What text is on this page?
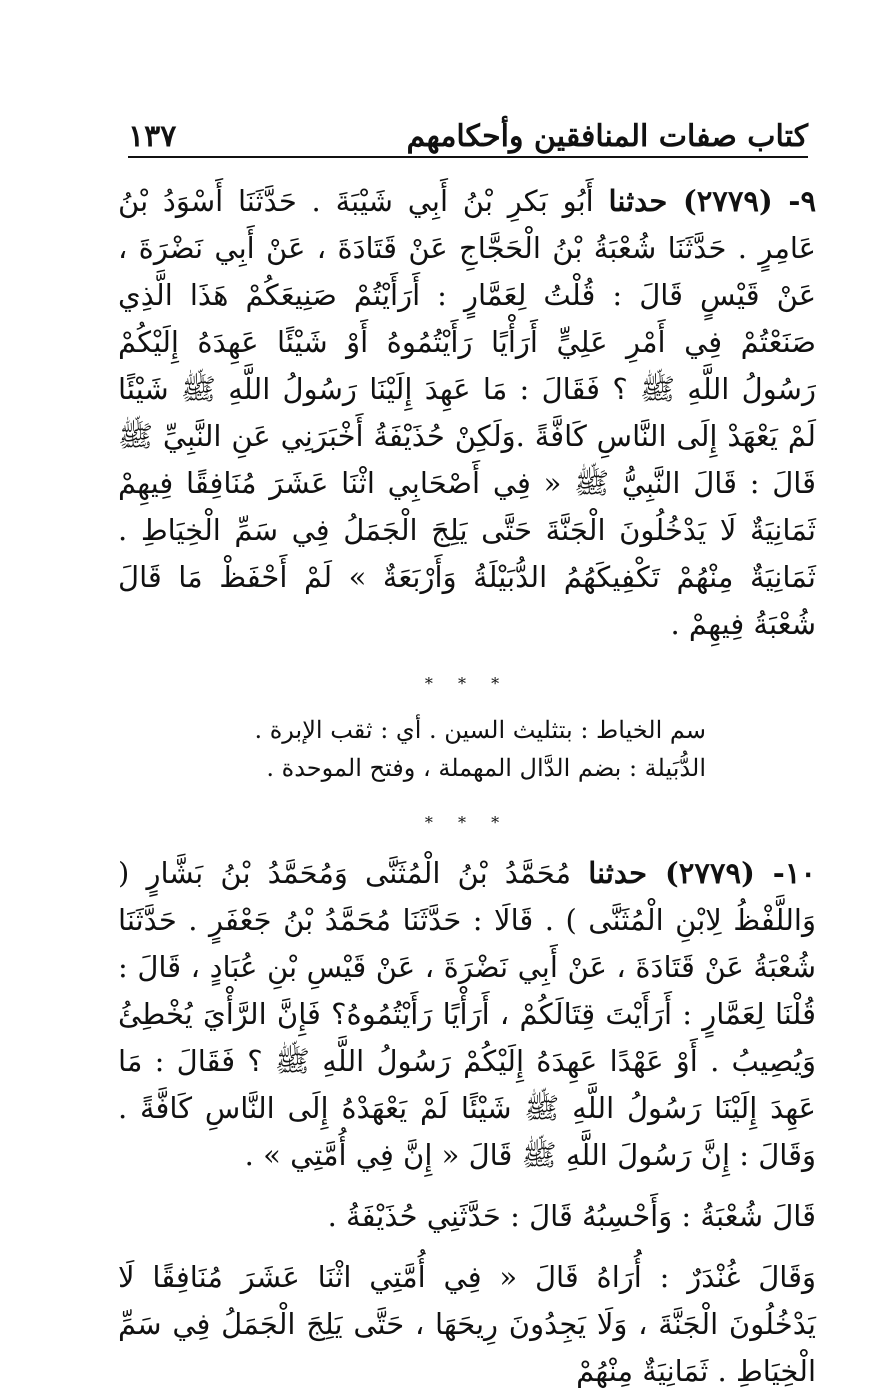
كتاب صفات المنافقين وأحكامهم
١٣٧

٩- (٢٧٧٩) حدثنا أَبُو بَكرِ بْنُ أَبِي شَيْبَةَ . حَدَّثَنَا أَسْوَدُ بْنُ عَامِرٍ . حَدَّثَنَا شُعْبَةُ بْنُ الْحَجَّاجِ عَنْ قَتَادَةَ ، عَنْ أَبِي نَضْرَةَ ، عَنْ قَيْسٍ قَالَ : قُلْتُ لِعَمَّارٍ : أَرَأَيْتُمْ صَنِيعَكُمْ هَذَا الَّذِي صَنَعْتُمْ فِي أَمْرِ عَلِيٍّ أَرَأْيًا رَأَيْتُمُوهُ أَوْ شَيْئًا عَهِدَهُ إِلَيْكُمْ رَسُولُ اللَّهِ ﷺ ؟ فَقَالَ : مَا عَهِدَ إِلَيْنَا رَسُولُ اللَّهِ ﷺ شَيْئًا لَمْ يَعْهَدْ إِلَى النَّاسِ كَافَّةً .وَلَكِنْ حُذَيْفَةُ أَخْبَرَنِي عَنِ النَّبِيِّ ﷺ قَالَ : قَالَ النَّبِيُّ ﷺ « فِي أَصْحَابِي اثْنَا عَشَرَ مُنَافِقًا فِيهِمْ ثَمَانِيَةٌ لَا يَدْخُلُونَ الْجَنَّةَ حَتَّى يَلِجَ الْجَمَلُ فِي سَمِّ الْخِيَاطِ . ثَمَانِيَةٌ مِنْهُمْ تَكْفِيكَهُمُ الدُّبَيْلَةُ وَأَرْبَعَةٌ » لَمْ أَحْفَظْ مَا قَالَ شُعْبَةُ فِيهِمْ .

* * *

سم الخياط : بتثليث السين . أي : ثقب الإبرة .

الدُّبَيلة : بضم الدَّال المهملة ، وفتح الموحدة .

* * *

١٠- (٢٧٧٩) حدثنا مُحَمَّدُ بْنُ الْمُثَنَّى وَمُحَمَّدُ بْنُ بَشَّارٍ ( وَاللَّفْظُ لِابْنِ الْمُثَنَّى ) . قَالَا : حَدَّثَنَا مُحَمَّدُ بْنُ جَعْفَرٍ . حَدَّثَنَا شُعْبَةُ عَنْ قَتَادَةَ ، عَنْ أَبِي نَضْرَةَ ، عَنْ قَيْسِ بْنِ عُبَادٍ ، قَالَ : قُلْنَا لِعَمَّارٍ : أَرَأَيْتَ قِتَالَكُمْ ، أَرَأْيًا رَأَيْتُمُوهُ؟ فَإِنَّ الرَّأْيَ يُخْطِئُ وَيُصِيبُ . أَوْ عَهْدًا عَهِدَهُ إِلَيْكُمْ رَسُولُ اللَّهِ ﷺ ؟ فَقَالَ : مَا عَهِدَ إِلَيْنَا رَسُولُ اللَّهِ ﷺ شَيْئًا لَمْ يَعْهَدْهُ إِلَى النَّاسِ كَافَّةً . وَقَالَ : إِنَّ رَسُولَ اللَّهِ ﷺ قَالَ « إِنَّ فِي أُمَّتِي » .

قَالَ شُعْبَةُ : وَأَحْسِبُهُ قَالَ : حَدَّثَنِي حُذَيْفَةُ .

وَقَالَ غُنْدَرٌ : أُرَاهُ قَالَ « فِي أُمَّتِي اثْنَا عَشَرَ مُنَافِقًا لَا يَدْخُلُونَ الْجَنَّةَ ، وَلَا يَجِدُونَ رِيحَهَا ، حَتَّى يَلِجَ الْجَمَلُ فِي سَمِّ الْخِيَاطِ . ثَمَانِيَةٌ مِنْهُمْ
